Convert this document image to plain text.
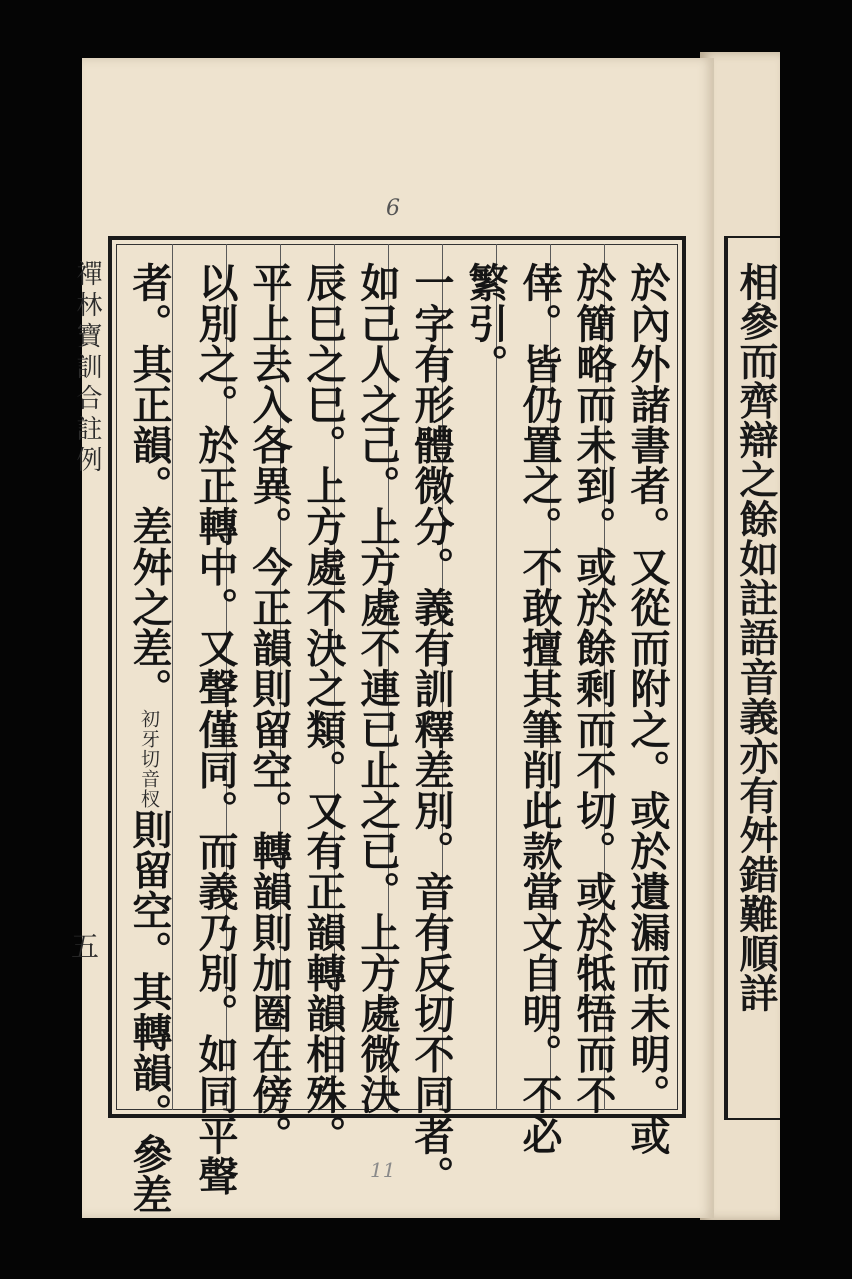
相參而齊辯之餘如註語音義亦有舛錯難順詳
6
11
禪林寶訓合註例
五	於內外諸書者。又從而附之。或於遺漏而未明。或
於簡略而未到。或於餘剩而不切。或於牴牾而不
倖。皆仍置之。不敢擅其筆削此款當文自明。不必
繁引。
一字有形體微分。義有訓釋差別。音有反切不同者。
如己人之己。上方處不連已止之已。上方處微決
辰巳之巳。上方處不決之類。又有正韻轉韻相殊。
平上去入各異。今正韻則留空。轉韻則加圈在傍。
以別之。於正轉中。又聲僅同。而義乃別。如同平聲
者。其正韻。差舛之差。初牙切音杈則留空。其轉韻。參差
